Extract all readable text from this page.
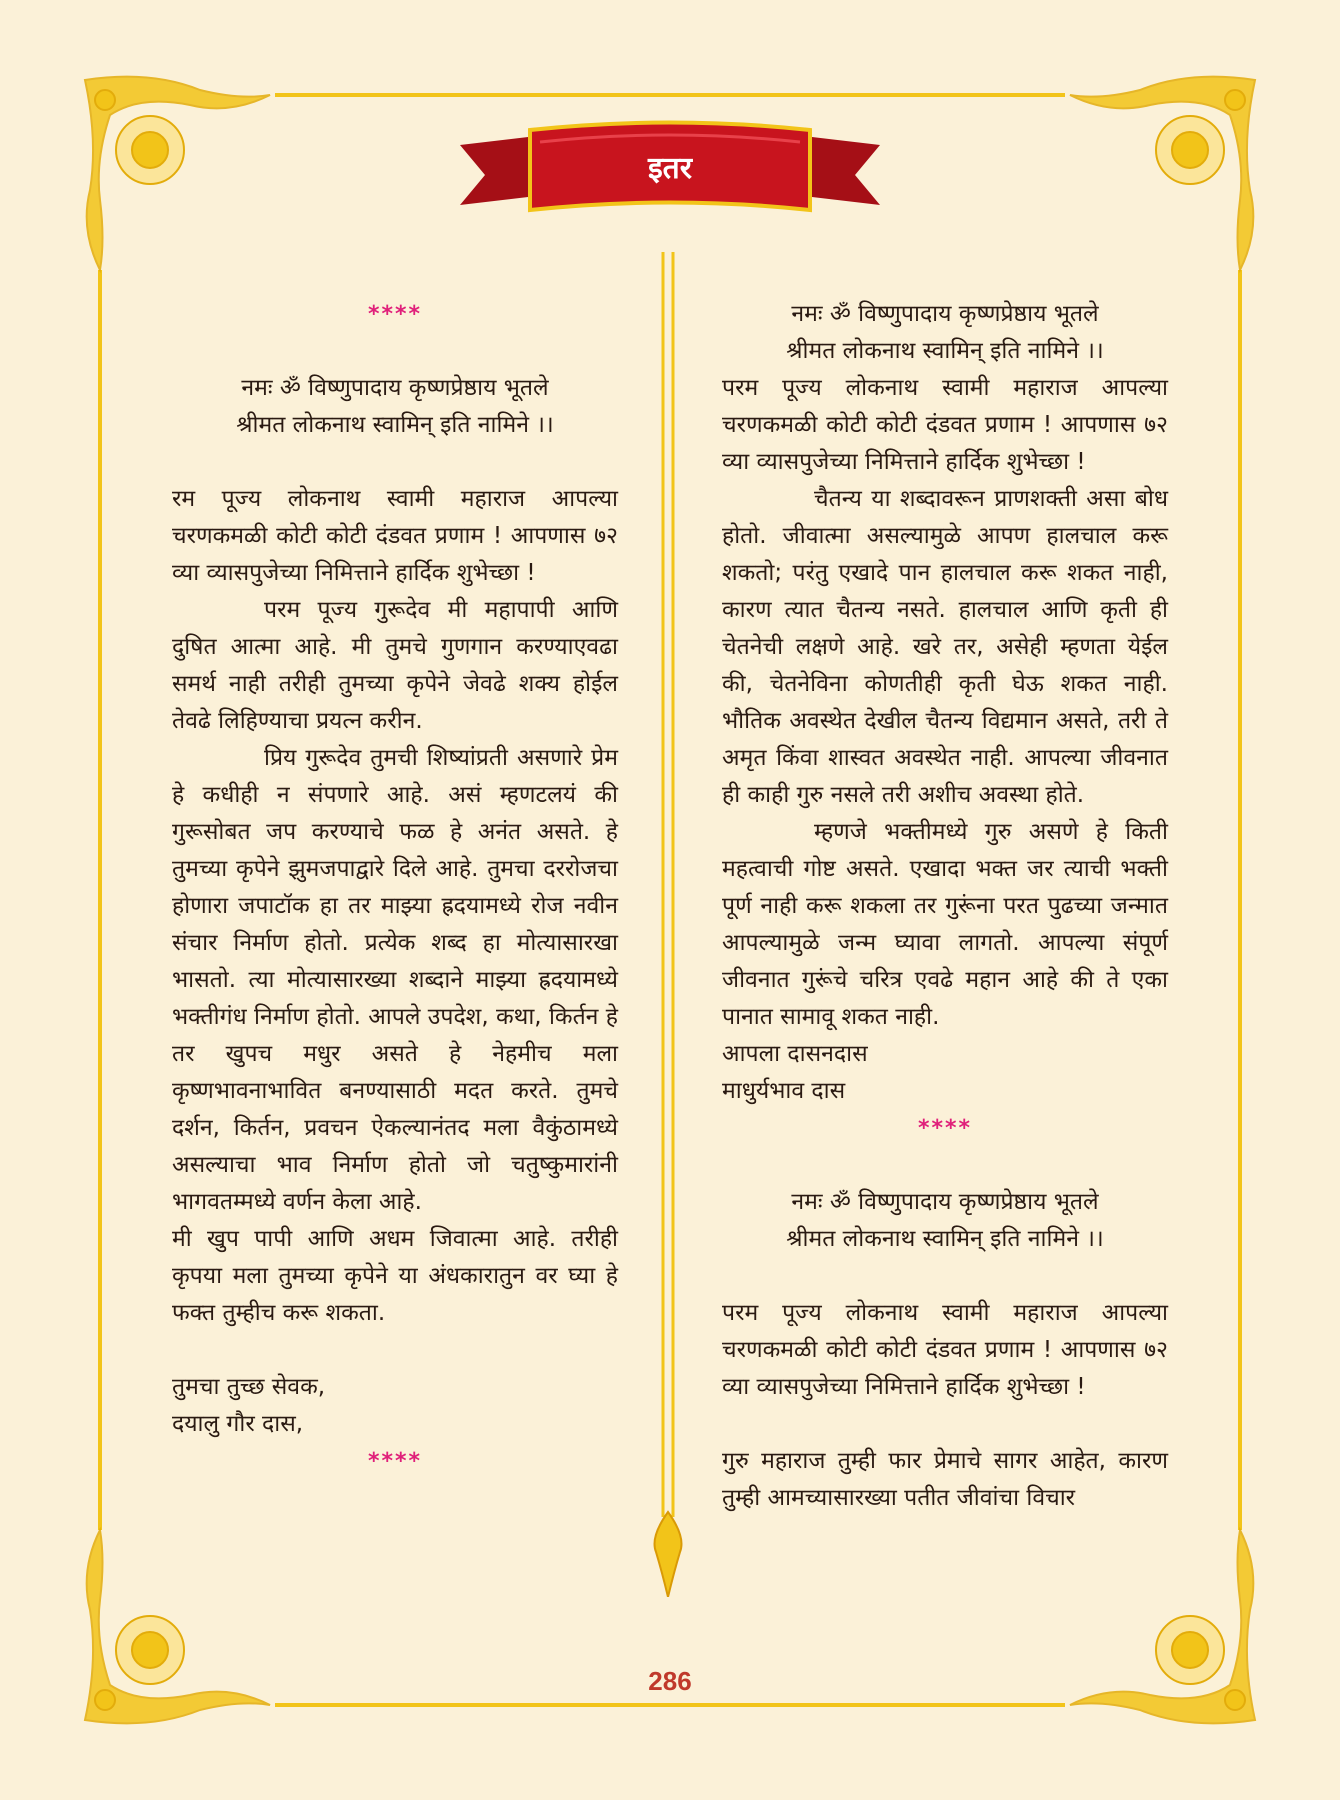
इतर
****
नमः ॐ विष्णुपादाय कृष्णप्रेष्ठाय भूतले
श्रीमत लोकनाथ स्वामिन् इति नामिने ।।
रम पूज्य लोकनाथ स्वामी महाराज आपल्या चरणकमळी कोटी कोटी दंडवत प्रणाम ! आपणास ७२ व्या व्यासपुजेच्या निमित्ताने हार्दिक शुभेच्छा !
परम पूज्य गुरूदेव मी महापापी आणि दुषित आत्मा आहे. मी तुमचे गुणगान करण्याएवढा समर्थ नाही तरीही तुमच्या कृपेने जेवढे शक्य होईल तेवढे लिहिण्याचा प्रयत्न करीन.
प्रिय गुरूदेव तुमची शिष्यांप्रती असणारे प्रेम हे कधीही न संपणारे आहे. असं म्हणटलयं की गुरूसोबत जप करण्याचे फळ हे अनंत असते. हे तुमच्या कृपेने झुमजपाद्वारे दिले आहे. तुमचा दररोजचा होणारा जपाटॉक हा तर माझ्या ह्रदयामध्ये रोज नवीन संचार निर्माण होतो. प्रत्येक शब्द हा मोत्यासारखा भासतो. त्या मोत्यासारख्या शब्दाने माझ्या ह्रदयामध्ये भक्तीगंध निर्माण होतो. आपले उपदेश, कथा, किर्तन हे तर खुपच मधुर असते हे नेहमीच मला कृष्णभावनाभावित बनण्यासाठी मदत करते. तुमचे दर्शन, किर्तन, प्रवचन ऐकल्यानंतद मला वैकुंठामध्ये असल्याचा भाव निर्माण होतो जो चतुष्कुमारांनी भागवतम्मध्ये वर्णन केला आहे.
मी खुप पापी आणि अधम जिवात्मा आहे. तरीही कृपया मला तुमच्या कृपेने या अंधकारातुन वर घ्या हे फक्त तुम्हीच करू शकता.
तुमचा तुच्छ सेवक,
दयालु गौर दास,
****
नमः ॐ विष्णुपादाय कृष्णप्रेष्ठाय भूतले
श्रीमत लोकनाथ स्वामिन् इति नामिने ।।
परम पूज्य लोकनाथ स्वामी महाराज आपल्या चरणकमळी कोटी कोटी दंडवत प्रणाम ! आपणास ७२ व्या व्यासपुजेच्या निमित्ताने हार्दिक शुभेच्छा !
चैतन्य या शब्दावरून प्राणशक्ती असा बोध होतो. जीवात्मा असल्यामुळे आपण हालचाल करू शकतो; परंतु एखादे पान हालचाल करू शकत नाही, कारण त्यात चैतन्य नसते. हालचाल आणि कृती ही चेतनेची लक्षणे आहे. खरे तर, असेही म्हणता येईल की, चेतनेविना कोणतीही कृती घेऊ शकत नाही. भौतिक अवस्थेत देखील चैतन्य विद्यमान असते, तरी ते अमृत किंवा शास्वत अवस्थेत नाही. आपल्या जीवनात ही काही गुरु नसले तरी अशीच अवस्था होते.
म्हणजे भक्तीमध्ये गुरु असणे हे किती महत्वाची गोष्ट असते. एखादा भक्त जर त्याची भक्ती पूर्ण नाही करू शकला तर गुरूंना परत पुढच्या जन्मात आपल्यामुळे जन्म घ्यावा लागतो. आपल्या संपूर्ण जीवनात गुरूंचे चरित्र एवढे महान आहे की ते एका पानात सामावू शकत नाही.
आपला दासनदास
माधुर्यभाव दास
****
नमः ॐ विष्णुपादाय कृष्णप्रेष्ठाय भूतले
श्रीमत लोकनाथ स्वामिन् इति नामिने ।।
परम पूज्य लोकनाथ स्वामी महाराज आपल्या चरणकमळी कोटी कोटी दंडवत प्रणाम ! आपणास ७२ व्या व्यासपुजेच्या निमित्ताने हार्दिक शुभेच्छा !
गुरु महाराज तुम्ही फार प्रेमाचे सागर आहेत, कारण तुम्ही आमच्यासारख्या पतीत जीवांचा विचार
286
